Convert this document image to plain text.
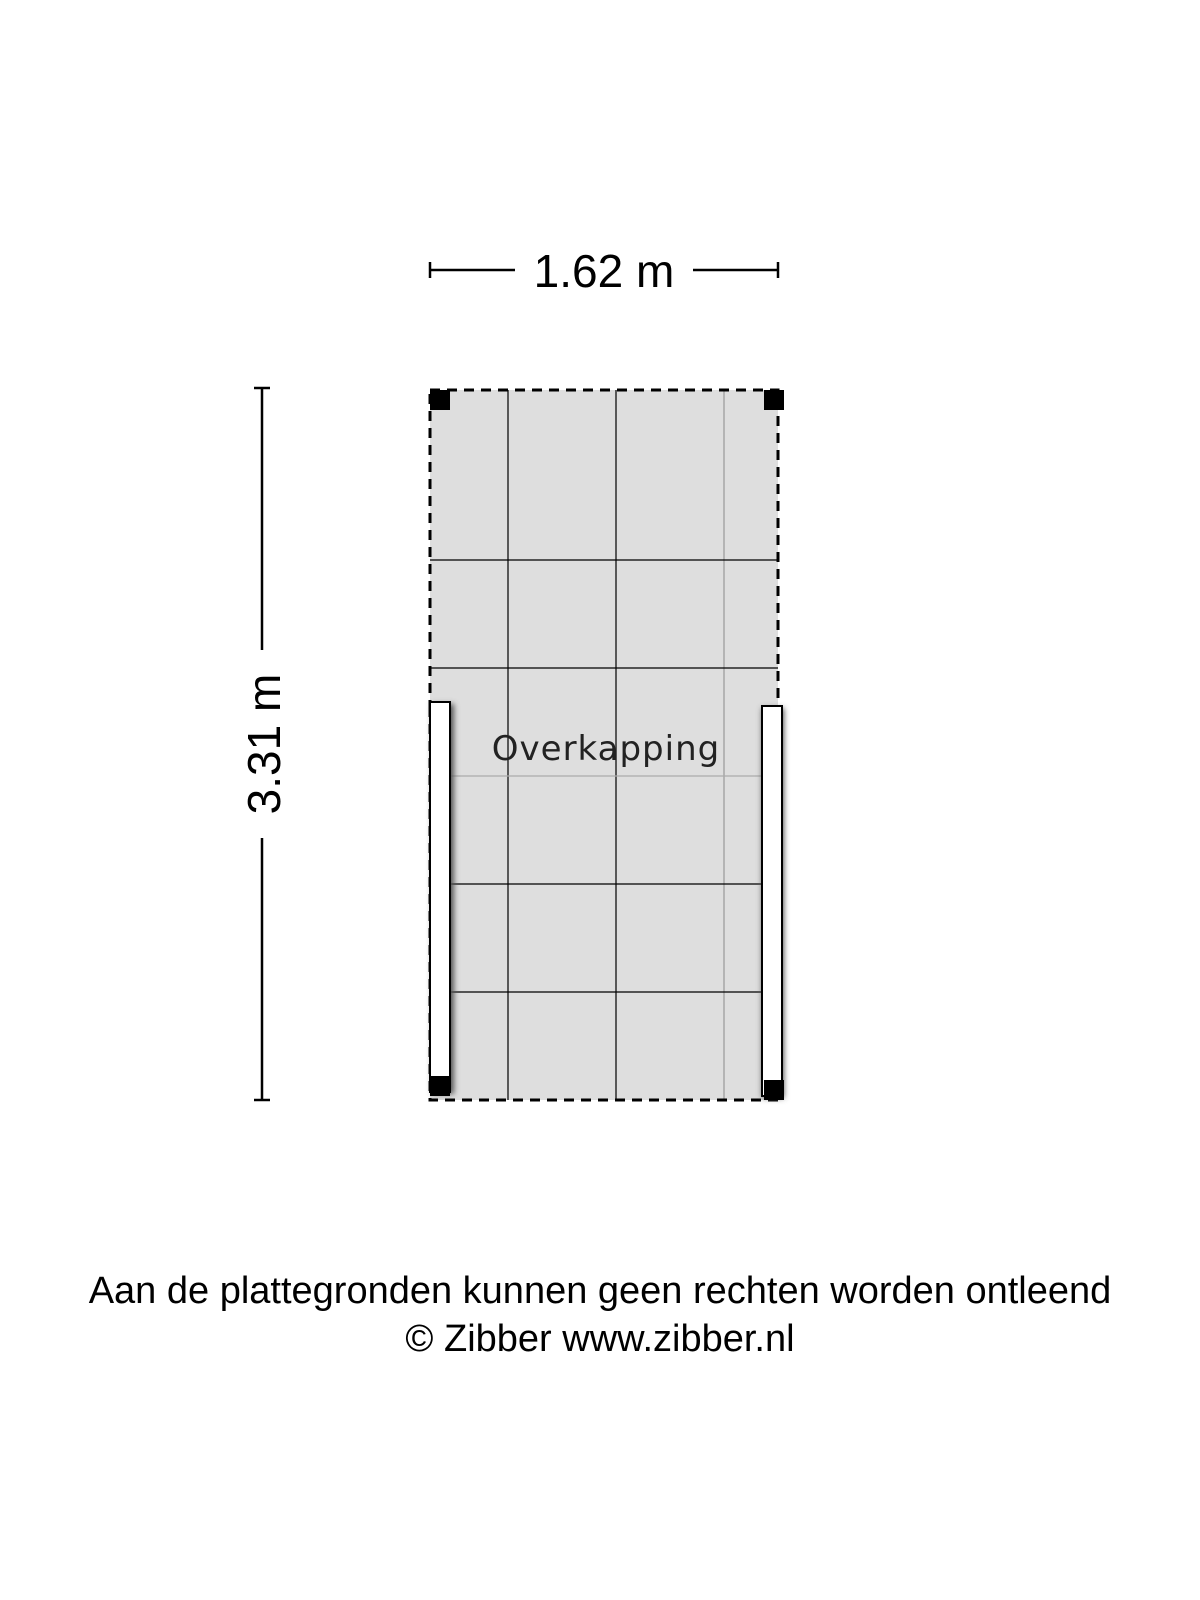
1.62 m
3.31 m	Overkapping
Aan de plattegronden kunnen geen rechten worden ontleend
© Zibber www.zibber.nl
